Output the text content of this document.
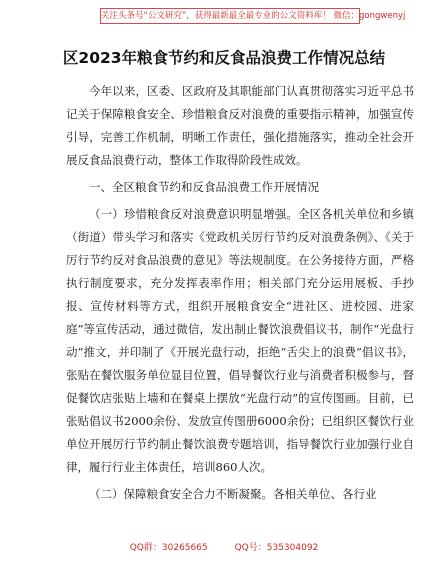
关注头条号“公文研究”，获得最新最全最专业的公文资料库！ 微信：gongwenyj
区2023年粮食节约和反食品浪费工作情况总结

今年以来，区委、区政府及其职能部门认真贯彻落实习近平总书记关于保障粮食安全、珍惜粮食反对浪费的重要指示精神，加强宣传引导，完善工作机制，明晰工作责任，强化措施落实，推动全社会开展反食品浪费行动，整体工作取得阶段性成效。

一、全区粮食节约和反食品浪费工作开展情况

（一）珍惜粮食反对浪费意识明显增强。全区各机关单位和乡镇（街道）带头学习和落实《党政机关厉行节约反对浪费条例》、《关于厉行节约反对食品浪费的意见》等法规制度。在公务接待方面，严格执行制度要求，充分发挥表率作用；相关部门充分运用展板、手抄报、宣传材料等方式，组织开展粮食安全“进社区、进校园、进家庭”等宣传活动，通过微信，发出制止餐饮浪费倡议书，制作“光盘行动”推文，并印制了《开展光盘行动，拒绝“舌尖上的浪费”倡议书》，张贴在餐饮服务单位显目位置，倡导餐饮行业与消费者积极参与，督促餐饮店张贴上墙和在餐桌上摆放“光盘行动”的宣传图画。目前，已张贴倡议书2000余份、发放宣传图册6000余份；已组织区餐饮行业单位开展厉行节约制止餐饮浪费专题培训，指导餐饮行业加强行业自律，履行行业主体责任，培训860人次。

（二）保障粮食安全合力不断凝聚。各相关单位、各行业

QQ群：30265665	QQ号：535304092
